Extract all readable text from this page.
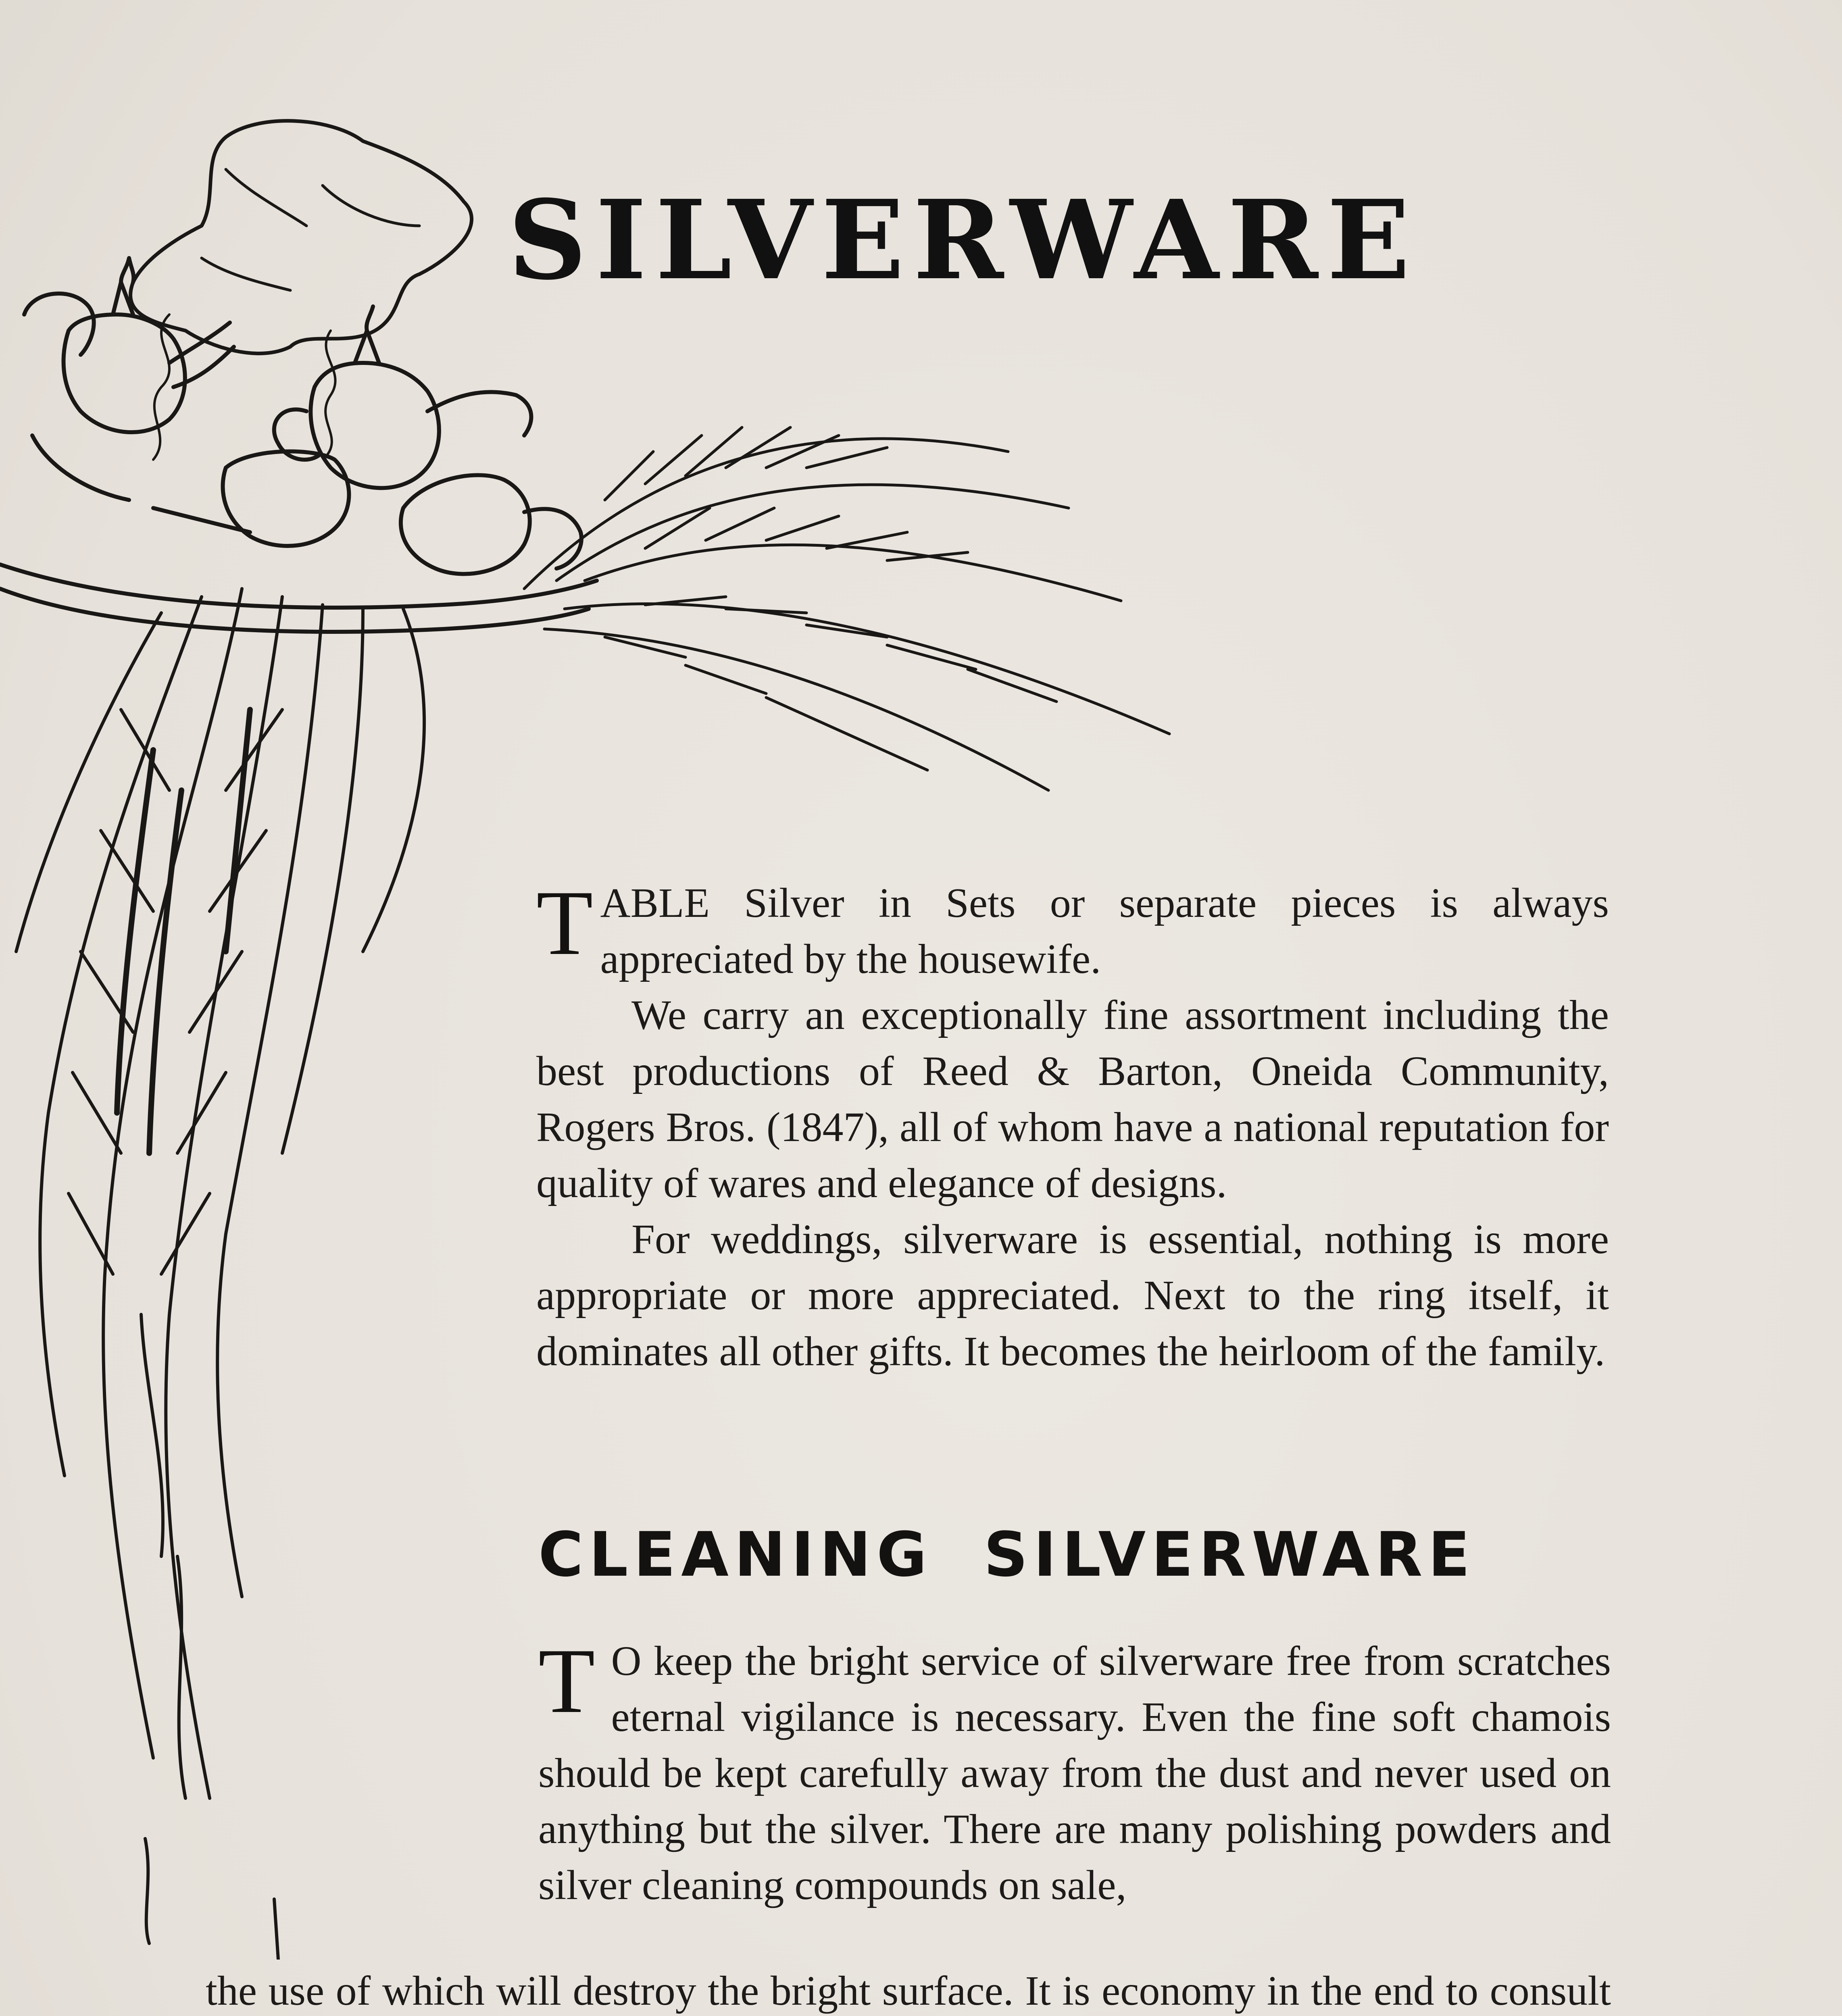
SILVERWARE

TABLE Silver in Sets or separate pieces is always appreciated by the housewife.

We carry an exceptionally fine assortment including the best productions of Reed & Barton, Oneida Community, Rogers Bros. (1847), all of whom have a national reputation for quality of wares and elegance of designs.

For weddings, silverware is essential, nothing is more appropriate or more appreciated. Next to the ring itself, it dominates all other gifts. It becomes the heirloom of the family.

CLEANING SILVERWARE

T O keep the bright service of silverware free from scratches eternal vigilance is necessary. Even the fine soft chamois should be kept carefully away from the dust and never used on anything but the silver. There are many polishing powders and silver cleaning compounds on sale,

the use of which will destroy the bright surface. It is economy in the end to consult
